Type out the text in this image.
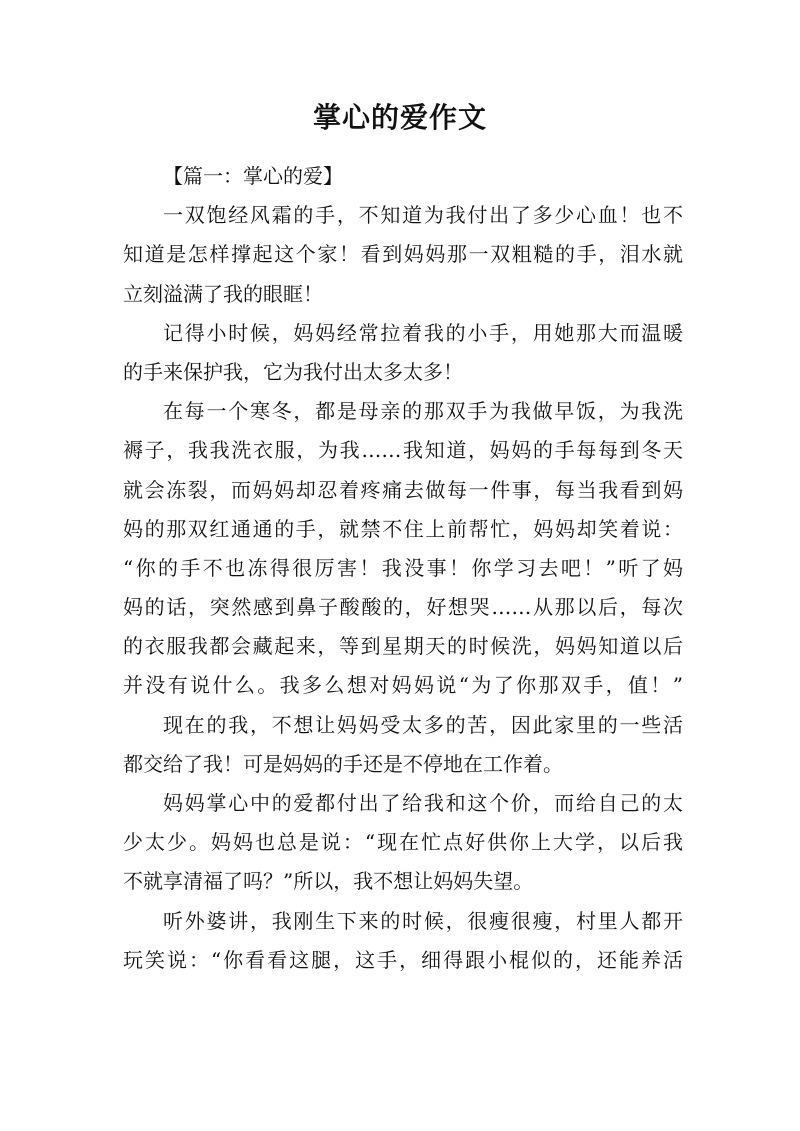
掌心的爱作文
【篇一：掌心的爱】
一双饱经风霜的手，不知道为我付出了多少心血！也不
知道是怎样撑起这个家！看到妈妈那一双粗糙的手，泪水就
立刻溢满了我的眼眶！
记得小时候，妈妈经常拉着我的小手，用她那大而温暖
的手来保护我，它为我付出太多太多！
在每一个寒冬，都是母亲的那双手为我做早饭，为我洗
褥子，我我洗衣服，为我……我知道，妈妈的手每每到冬天
就会冻裂，而妈妈却忍着疼痛去做每一件事，每当我看到妈
妈的那双红通通的手，就禁不住上前帮忙，妈妈却笑着说：
“你的手不也冻得很厉害！我没事！你学习去吧！”听了妈
妈的话，突然感到鼻子酸酸的，好想哭……从那以后，每次
的衣服我都会藏起来，等到星期天的时候洗，妈妈知道以后
并没有说什么。我多么想对妈妈说“为了你那双手，值！”
现在的我，不想让妈妈受太多的苦，因此家里的一些活
都交给了我！可是妈妈的手还是不停地在工作着。
妈妈掌心中的爱都付出了给我和这个价，而给自己的太
少太少。妈妈也总是说：“现在忙点好供你上大学，以后我
不就享清福了吗？”所以，我不想让妈妈失望。
听外婆讲，我刚生下来的时候，很瘦很瘦，村里人都开
玩笑说：“你看看这腿，这手，细得跟小棍似的，还能养活
